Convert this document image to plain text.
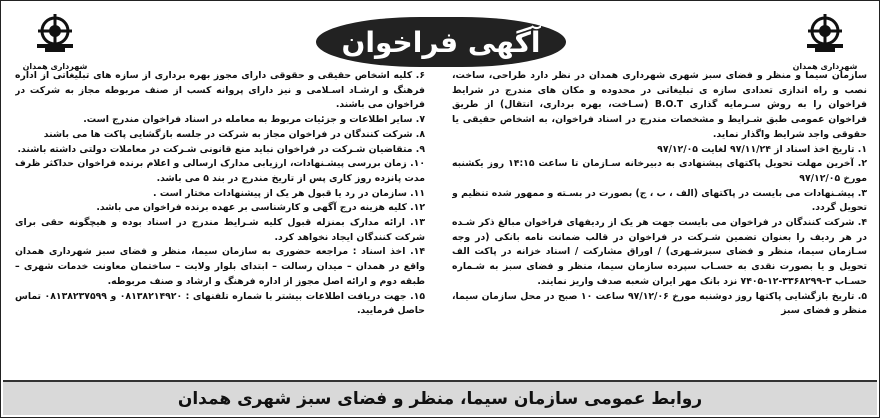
شهرداری همدان
شهرداری همدان
آگهی فراخوان

سازمان سیما و منظر و فضای سبز شهری شهرداری همدان در نظر دارد طراحی، ساخت، نصب و راه اندازی تعدادی سازه ی تبلیغاتی در محدوده و مکان های مندرج در شرایط فراخوان را به روش سـرمایه گذاری B.O.T (سـاخت، بهره برداری، انتقال) از طریق فراخوان عمومی طبق شـرایط و مشخصات مندرج در اسناد فراخوان، به اشخاص حقیقی یا حقوقی واجد شرایط واگذار نماید.

۱. تاریخ اخذ اسناد از ۹۷/۱۱/۲۴ لغایت ۹۷/۱۲/۰۵

۲. آخرین مهلت تحویل پاکتهای پیشنهادی به دبیرخانه سـازمان تا ساعت ۱۴:۱۵ روز یکشنبه مورخ ۹۷/۱۲/۰۵

۳. پیشـنهادات می بایست در پاکتهای (الف ، ب ، ج) بصورت در بسـته و ممهور شده تنظیم و تحویل گردد.

۴. شرکت کنندگان در فراخوان می بایست جهت هر یک از ردیفهای فراخوان مبالغ ذکر شـده در هر ردیف را بعنوان تضمین شـرکت در فراخوان در قالب ضمانت نامه بانکی (در وجه سـازمان سیما، منظر و فضای سبزشـهری) / اوراق مشارکت / اسناد خزانه در پاکت الف تحویل و یا بصورت نقدی به حسـاب سپرده سازمان سیما، منظر و فضای سبز به شـماره حسـاب ۳-۳۳۶۸۲۹۹-۱۲-۷۴۰۵ نزد بانک مهر ایران شعبه صدف واریز نمایند.

۵. تاریخ بازگشایی پاکتها روز دوشنبه مورخ ۹۷/۱۲/۰۶ ساعت ۱۰ صبح در محل سازمان سیما، منظر و فضای سبز

۶. کلیه اشخاص حقیقی و حقوقی دارای مجوز بهره برداری از سازه های تبلیغاتی از اداره فرهنگ و ارشـاد اسـلامی و نیز دارای پروانه کسب از صنف مربوطه مجاز به شرکت در فراخوان می باشند.

۷. سایر اطلاعات و جزئیات مربوط به معامله در اسناد فراخوان مندرج است.

۸. شرکت کنندگان در فراخوان مجاز به شرکت در جلسه بازگشایی پاکت ها می باشند

۹. متقاضیان شـرکت در فراخوان نباید منع قانونی شـرکت در معاملات دولتی داشته باشند.

۱۰. زمان بررسی پیشـنهادات، ارزیابی مدارک ارسالی و اعلام برنده فراخوان حداکثر ظرف مدت پانزده روز کاری پس از تاریخ مندرج در بند ۵ می باشد.

۱۱. سازمان در رد یا قبول هر یک از پیشنهادات مختار است .

۱۲. کلیه هزینه درج آگهی و کارشناسی بر عهده برنده فراخوان می باشد.

۱۳. ارائه مدارک بمنزله قبول کلیه شـرایط مندرج در اسناد بوده و هیچگونه حقی برای شرکت کنندگان ایجاد نخواهد کرد.

۱۴. اخذ اسناد : مراجعه حضوری به سازمان سیما، منظر و فضای سبز شهرداری همدان واقع در همدان – میدان رسالت – ابتدای بلوار ولایت – ساختمان معاونت خدمات شهری – طبقه دوم و ارائه اصل مجوز از اداره فرهنگ و ارشاد و صنف مربوطه.

۱۵. جهت دریافت اطلاعات بیشتر با شماره تلفنهای : ۰۸۱۳۸۲۱۴۹۲۰ و ۰۸۱۳۸۲۳۷۵۹۹ تماس حاصل فرمایید.

روابط عمومی سازمان سیما، منظر و فضای سبز شهری همدان
